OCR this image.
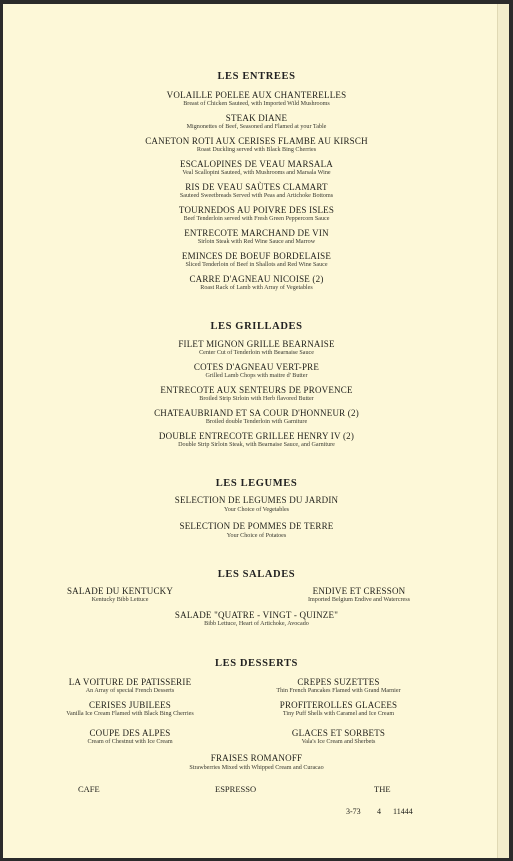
LES ENTREES
VOLAILLE POELEE AUX CHANTERELLES
Breast of Chicken Sauteed, with Imported Wild Mushrooms
STEAK DIANE
Mignonettes of Beef, Seasoned and Flamed at your Table
CANETON ROTI AUX CERISES FLAMBE AU KIRSCH
Roast Duckling served with Black Bing Cherries
ESCALOPINES DE VEAU MARSALA
Veal Scallopini Sauteed, with Mushrooms and Marsala Wine
RIS DE VEAU SAÙTES CLAMART
Sauteed Sweetbreads Served with Peas and Artichoke Bottoms
TOURNEDOS AU POIVRE DES ISLES
Beef Tenderloin served with Fresh Green Peppercorn Sauce
ENTRECOTE MARCHAND DE VIN
Sirloin Steak with Red Wine Sauce and Marrow
EMINCES DE BOEUF BORDELAISE
Sliced Tenderloin of Beef in Shallots and Red Wine Sauce
CARRE D'AGNEAU NICOISE (2)
Roast Rack of Lamb with Array of Vegetables
LES GRILLADES
FILET MIGNON GRILLE BEARNAISE
Center Cut of Tenderloin with Bearnaise Sauce
COTES D'AGNEAU VERT-PRE
Grilled Lamb Chops with maitre d' Butter
ENTRECOTE AUX SENTEURS DE PROVENCE
Broiled Strip Sirloin with Herb flavored Butter
CHATEAUBRIAND ET SA COUR D'HONNEUR (2)
Broiled double Tenderloin with Garniture
DOUBLE ENTRECOTE GRILLEE HENRY IV (2)
Double Strip Sirloin Steak, with Bearnaise Sauce, and Garniture
LES LEGUMES
SELECTION DE LEGUMES DU JARDIN
Your Choice of Vegetables
SELECTION DE POMMES DE TERRE
Your Choice of Potatoes
LES SALADES
SALADE DU KENTUCKY
Kentucky Bibb Lettuce
ENDIVE ET CRESSON
Imported Belgium Endive and Watercress
SALADE "QUATRE - VINGT - QUINZE"
Bibb Lettuce, Heart of Artichoke, Avocado
LES DESSERTS
LA VOITURE DE PATISSERIE
An Array of special French Desserts
CERISES JUBILEES
Vanilla Ice Cream Flamed with Black Bing Cherries
COUPE DES ALPES
Cream of Chestnut with Ice Cream
CREPES SUZETTES
Thin French Pancakes Flamed with Grand Marnier
PROFITEROLLES GLACEES
Tiny Puff Shells with Caramel and Ice Cream
GLACES ET SORBETS
Vala's Ice Cream and Sherbets
FRAISES ROMANOFF
Strawberries Mixed with Whipped Cream and Curacao
CAFE	ESPRESSO	THE
3-73 4 11444
